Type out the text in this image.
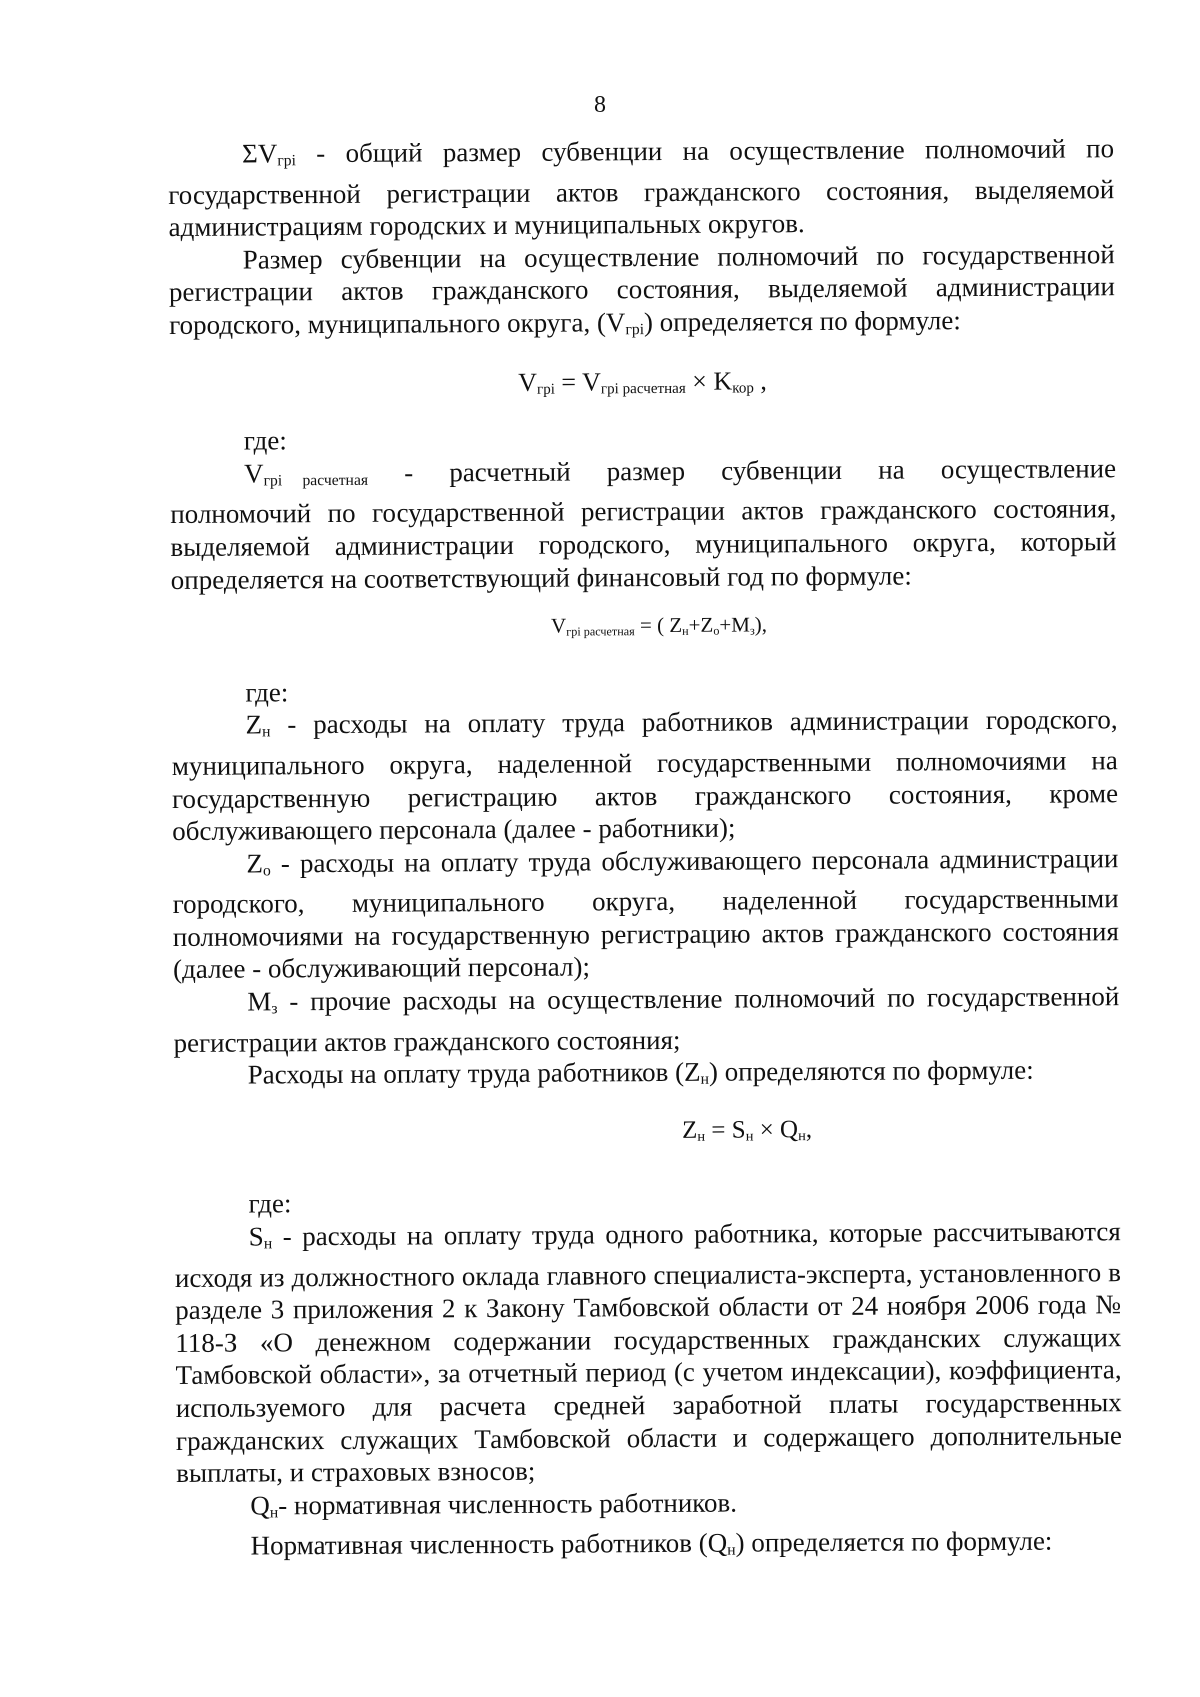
8

$\Sigma V_{гpi}$ - общий размер субвенции на осуществление полномочий по государственной регистрации актов гражданского состояния, выделяемой администрациям городских и муниципальных округов.

Размер субвенции на осуществление полномочий по государственной регистрации актов гражданского состояния, выделяемой администрации городского, муниципального округа, $(V_{гpi})$ определяется по формуле:

$V_{гpi} = V_{гpi расчетная} \times K_{кор}$ ,

где:

$V_{гpi}$ $_{расчетная}$ - расчетный размер субвенции на осуществление

полномочий по государственной регистрации актов гражданского состояния, выделяемой администрации городского, муниципального округа, который определяется на соответствующий финансовый год по формуле:

$V_{гpi расчетная}$ = ( $Z_н+Z_о+M_з$),

где:

$Z_н$ - расходы на оплату труда работников администрации городского, муниципального округа, наделенной государственными полномочиями на государственную регистрацию актов гражданского состояния, кроме обслуживающего персонала (далее - работники);

$Z_о$ - расходы на оплату труда обслуживающего персонала администрации городского, муниципального округа, наделенной государственными полномочиями на государственную регистрацию актов гражданского состояния (далее - обслуживающий персонал);

$M_з$ - прочие расходы на осуществление полномочий по государственной регистрации актов гражданского состояния;

Расходы на оплату труда работников $(Z_н)$ определяются по формуле:

$Z_н = S_н \times Q_н$,

где:

$S_н$ - расходы на оплату труда одного работника, которые рассчитываются исходя из должностного оклада главного специалиста-эксперта, установленного в разделе 3 приложения 2 к Закону Тамбовской области от 24 ноября 2006 года № 118-З «О денежном содержании государственных гражданских служащих Тамбовской области», за отчетный период (с учетом индексации), коэффициента, используемого для расчета средней заработной платы государственных гражданских служащих Тамбовской области и содержащего дополнительные выплаты, и страховых взносов;

$Q_н-$ нормативная численность работников.

Нормативная численность работников $(Q_н)$ определяется по формуле:
